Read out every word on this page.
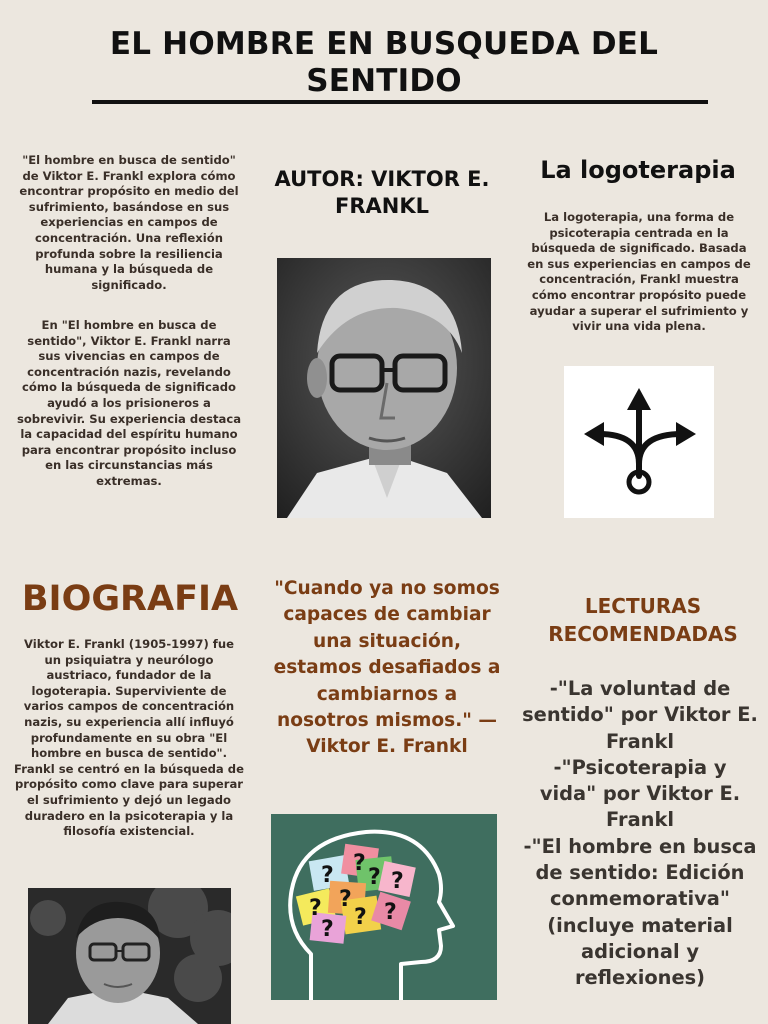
EL HOMBRE EN BUSQUEDA DEL SENTIDO
"El hombre en busca de sentido" de Viktor E. Frankl explora cómo encontrar propósito en medio del sufrimiento, basándose en sus experiencias en campos de concentración. Una reflexión profunda sobre la resiliencia humana y la búsqueda de significado.
En "El hombre en busca de sentido", Viktor E. Frankl narra sus vivencias en campos de concentración nazis, revelando cómo la búsqueda de significado ayudó a los prisioneros a sobrevivir. Su experiencia destaca la capacidad del espíritu humano para encontrar propósito incluso en las circunstancias más extremas.
AUTOR: VIKTOR E. FRANKL
La logoterapia
La logoterapia, una forma de psicoterapia centrada en la búsqueda de significado. Basada en sus experiencias en campos de concentración, Frankl muestra cómo encontrar propósito puede ayudar a superar el sufrimiento y vivir una vida plena.
BIOGRAFIA
Viktor E. Frankl (1905-1997) fue un psiquiatra y neurólogo austriaco, fundador de la logoterapia. Superviviente de varios campos de concentración nazis, su experiencia allí influyó profundamente en su obra "El hombre en busca de sentido". Frankl se centró en la búsqueda de propósito como clave para superar el sufrimiento y dejó un legado duradero en la psicoterapia y la filosofía existencial.
"Cuando ya no somos capaces de cambiar una situación, estamos desafiados a cambiarnos a nosotros mismos." — Viktor E. Frankl
? ?
? ?
? ?
? ?
?
LECTURAS RECOMENDADAS
-"La voluntad de sentido" por Viktor E. Frankl
-"Psicoterapia y vida" por Viktor E. Frankl
-"El hombre en busca de sentido: Edición conmemorativa" (incluye material adicional y reflexiones)
